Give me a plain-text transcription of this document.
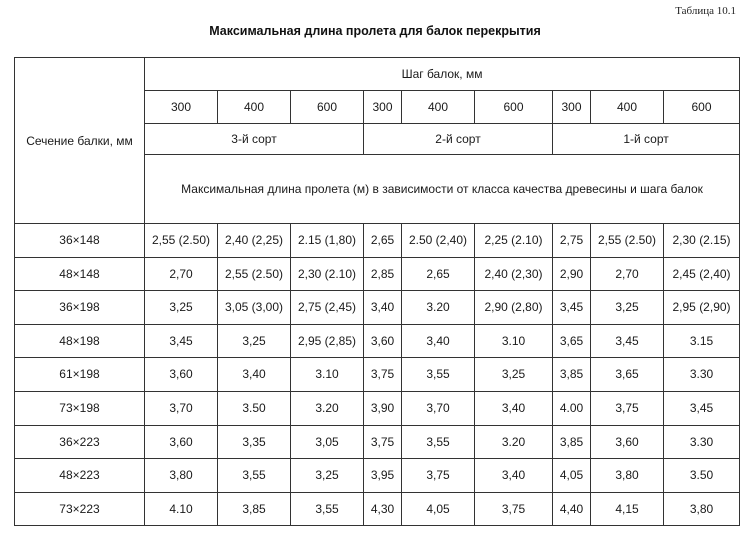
Таблица 10.1
Максимальная длина пролета для балок перекрытия
Сечение балки, мм	Шаг балок, мм								
	300	400	600	300	400	600	300	400	600
	3-й сорт			2-й сорт			1-й сорт		
	Максимальная длина пролета (м) в зависимости от класса качества древесины и шага балок								
36×148	2,55 (2.50)	2,40 (2,25)	2.15 (1,80)	2,65	2.50 (2,40)	2,25 (2.10)	2,75	2,55 (2.50)	2,30 (2.15)
48×148	2,70	2,55 (2.50)	2,30 (2.10)	2,85	2,65	2,40 (2,30)	2,90	2,70	2,45 (2,40)
36×198	3,25	3,05 (3,00)	2,75 (2,45)	3,40	3.20	2,90 (2,80)	3,45	3,25	2,95 (2,90)
48×198	3,45	3,25	2,95 (2,85)	3,60	3,40	3.10	3,65	3,45	3.15
61×198	3,60	3,40	3.10	3,75	3,55	3,25	3,85	3,65	3.30
73×198	3,70	3.50	3.20	3,90	3,70	3,40	4.00	3,75	3,45
36×223	3,60	3,35	3,05	3,75	3,55	3.20	3,85	3,60	3.30
48×223	3,80	3,55	3,25	3,95	3,75	3,40	4,05	3,80	3.50
73×223	4.10	3,85	3,55	4,30	4,05	3,75	4,40	4,15	3,80
